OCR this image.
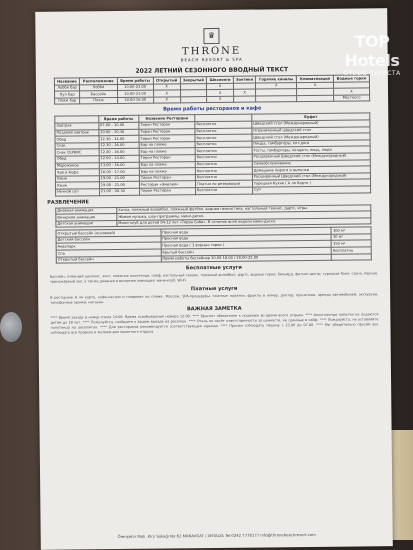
♛
THRONE
BEACH RESORT & SPA
2022 ЛЕТНИЙ СЕЗОННОГО ВВОДНЫЙ ТЕКСТ
Название	Расположение	Время работы	Открытый	Закрытый	Шезлонги	Зонтики	Горячие каналы	Климатизация	Водные горки
Лобби бар	Лобби	10.00-23.00	X		X		X	X	
Пул бар	Бассейн	10.00-23.00	X		X	X			X
Пляж бар	Пляж	10.00-16.00	X		X				Местного
Время работы ресторанов и кафе
	Время работы	Название Ресторана		Буфет
Завтрак	07.00 - 10.00	Тирон Ресторан	бесплатно	Шведский стол (Международный)
Поздний завтрак	10.00 - 10.30	Тирон Ресторан	бесплатно	Ограниченный шведский стол
Обед	12.30 - 14.00	Тирон Ресторан	бесплатно	Шведский стол (Международный)
Снэк	12.30 - 16.00	Бар на пляже	бесплатно	Пицца, гамбургеры, хот-доги
Снэк СЕРВИС	12.00 - 16.00	Бар на пляже	бесплатно	Тосты, гамбургеры, колдаги, пицц, люди
Обед	12.00 - 14.00	Тирон Ресторан	бесплатно	Расширенный Шведский стол (Международный)
Мороженое	13.00 - 16.00	Бар на пляже	бесплатно	Самообслуживание
Чай и Кофе	16.00 - 17.00	Бар на пляже	бесплатно	Домашние пироги и выпечки
Ужин	19.00 - 21.00	Тирон Ресторан	бесплатно	Расширенный Шведский стол (Международный)
Ужин	19.00 - 21.00	Ресторан «Эмилия»	Платно по резервации	Турецкая Кухня ( А ля Карте )
Ночной суп	21.00 - 00.30	Тирон Ресторан	бесплатно	Суп
РАЗВЛЕЧЕНИЕ
Дневная анимация	Хатха, пляжный волейбол, пляжный футбол, водная гимнастика, настольный теннис, дартс, игры.
Вечерняя анимация	Живая музыка, шоу-программы, мини-диско.
Детская анимация	Мини-клуб для детей 04-12 лет «Тирон Бэби». В течение всей недели мини-диско.
Открытый бассейн (основной)	Пресная вода	300 м²
Детский бассейн	Пресная вода	30 м²
Аквапарк	Пресная вода ( 3 водные горки )	350 м²
Спа	Крытый бассейн	бесплатно
Открытый бассейн	Время работы бассейнов 10.00-18.00 / 20.00-22.00	
Бесплатные услуги
Бассейн, пляжный шезлонг, зонт, пляжное полотенце, сейф, настольный теннис, пляжный волейбол, дартс, водные горки, бильярд, фитнес-центр, турецкая баня, сауна, парная, тренажёрный зал, а также дневная и вечерняя анимация, мини-клуб, Wi-Fi.
Платные услуги
В ресторане А ля карте, кафе-пастри и плавание на пляже. Массаж, SPA-процедуры, платные напитки, фрукты в номер, доктор, прачечная, аренда автомобилей, экскурсии, телефонные звонки, магазин.
ВАЖНАЯ ЗАМЕТКА
**** Время заезда в номер отеля 14:00. Время освобождения номера 12:00. **** Браслет обязателен к ношению во время всего отдыха. **** Алкогольные напитки не подаются детям до 18 лет. **** Пожалуйста, сообщите о вашем выезде на ресепшн. **** Отель не несёт ответственности за ценности, не сданные в сейф. **** Пожалуйста, не оставляйте полотенца на шезлонгах. **** Для ресторанов рекомендуется соответствующая одежда. **** Просим соблюдать тишину с 23.00 до 07.00. **** Мы убедительно просим вас соблюдать все правила и желаем вам приятного отдыха.
Örenşehir Mah. Kiry Sokağı No:62 MANAVGAT / ANTALYA Tel:0242 7778177 info@thronebeachresort.com
TOP Hotels
ОТЗЫВ ТУРИСТА
